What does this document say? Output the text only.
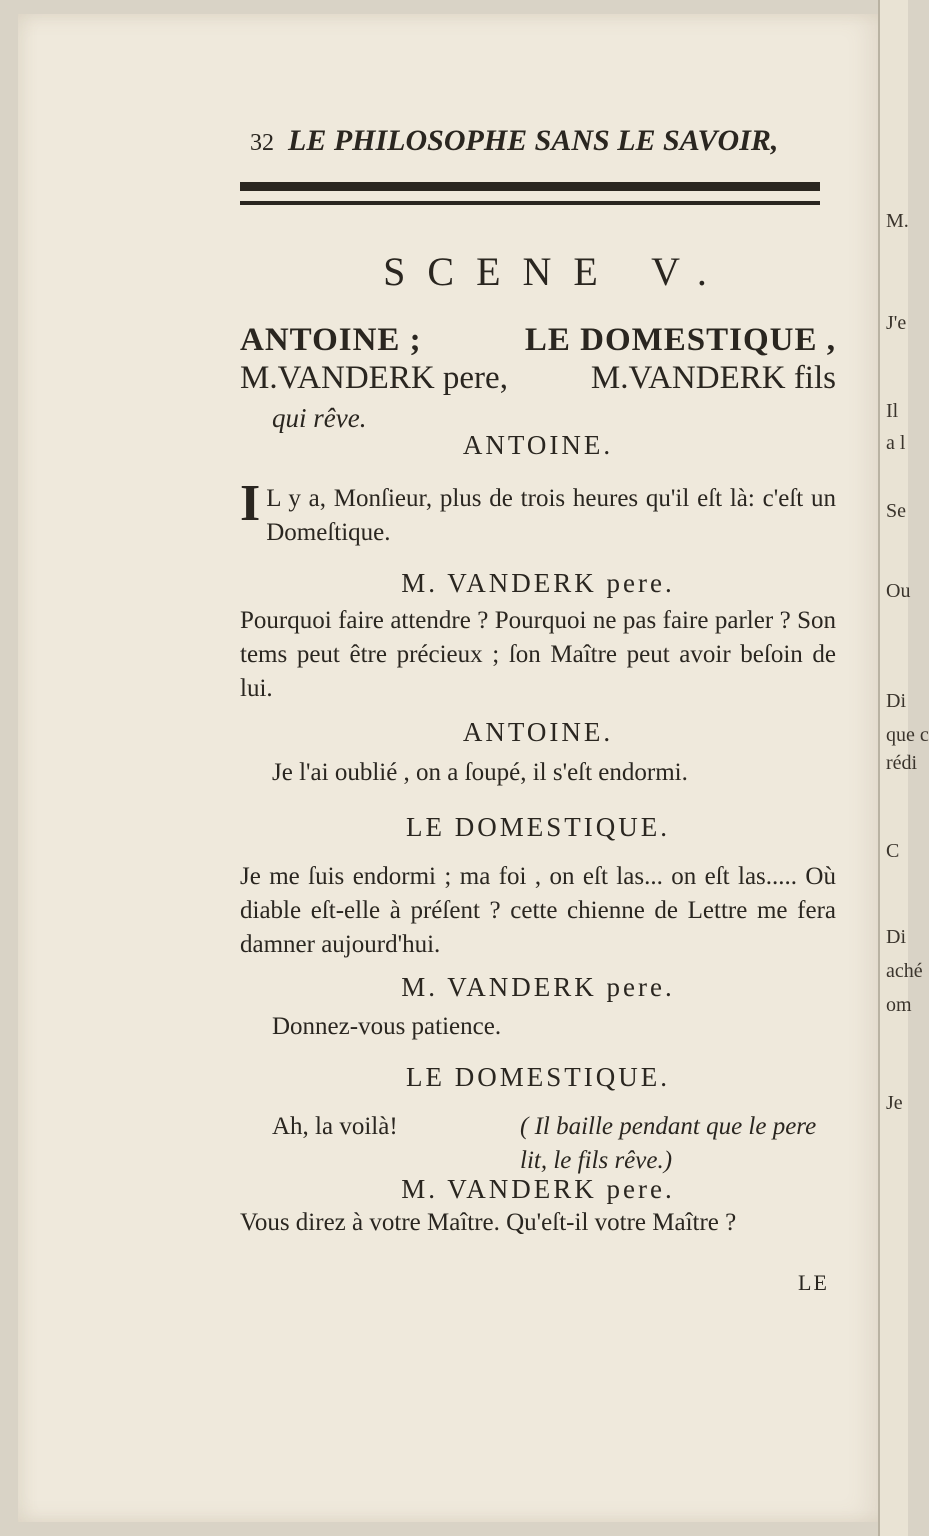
32 LE PHILOSOPHE SANS LE SAVOIR,
SCENE V.
ANTOINE ;	LE DOMESTIQUE ,
M.VANDERK pere,	M.VANDERK fils
qui rêve.
ANTOINE.
I L y a, Monſieur, plus de trois heures qu'il eſt là: c'eſt un Domeſtique.
M. VANDERK pere.
Pourquoi faire attendre ? Pourquoi ne pas faire parler ? Son tems peut être précieux ; ſon Maître peut avoir beſoin de lui.
ANTOINE.
Je l'ai oublié , on a ſoupé, il s'eſt endormi.
LE DOMESTIQUE.
Je me ſuis endormi ; ma foi , on eſt las... on eſt las..... Où diable eſt-elle à préſent ? cette chienne de Lettre me fera damner aujourd'hui.
M. VANDERK pere.
Donnez-vous patience.
LE DOMESTIQUE.
Ah, la voilà!	( Il baille pendant que le pere lit, le fils rêve.)
M. VANDERK pere.
Vous direz à votre Maître. Qu'eſt-il votre Maître ?
LE
M.
J'e
Il
a l
Se
Ou
Di
que c
rédi
C
Di
aché
om
Je
